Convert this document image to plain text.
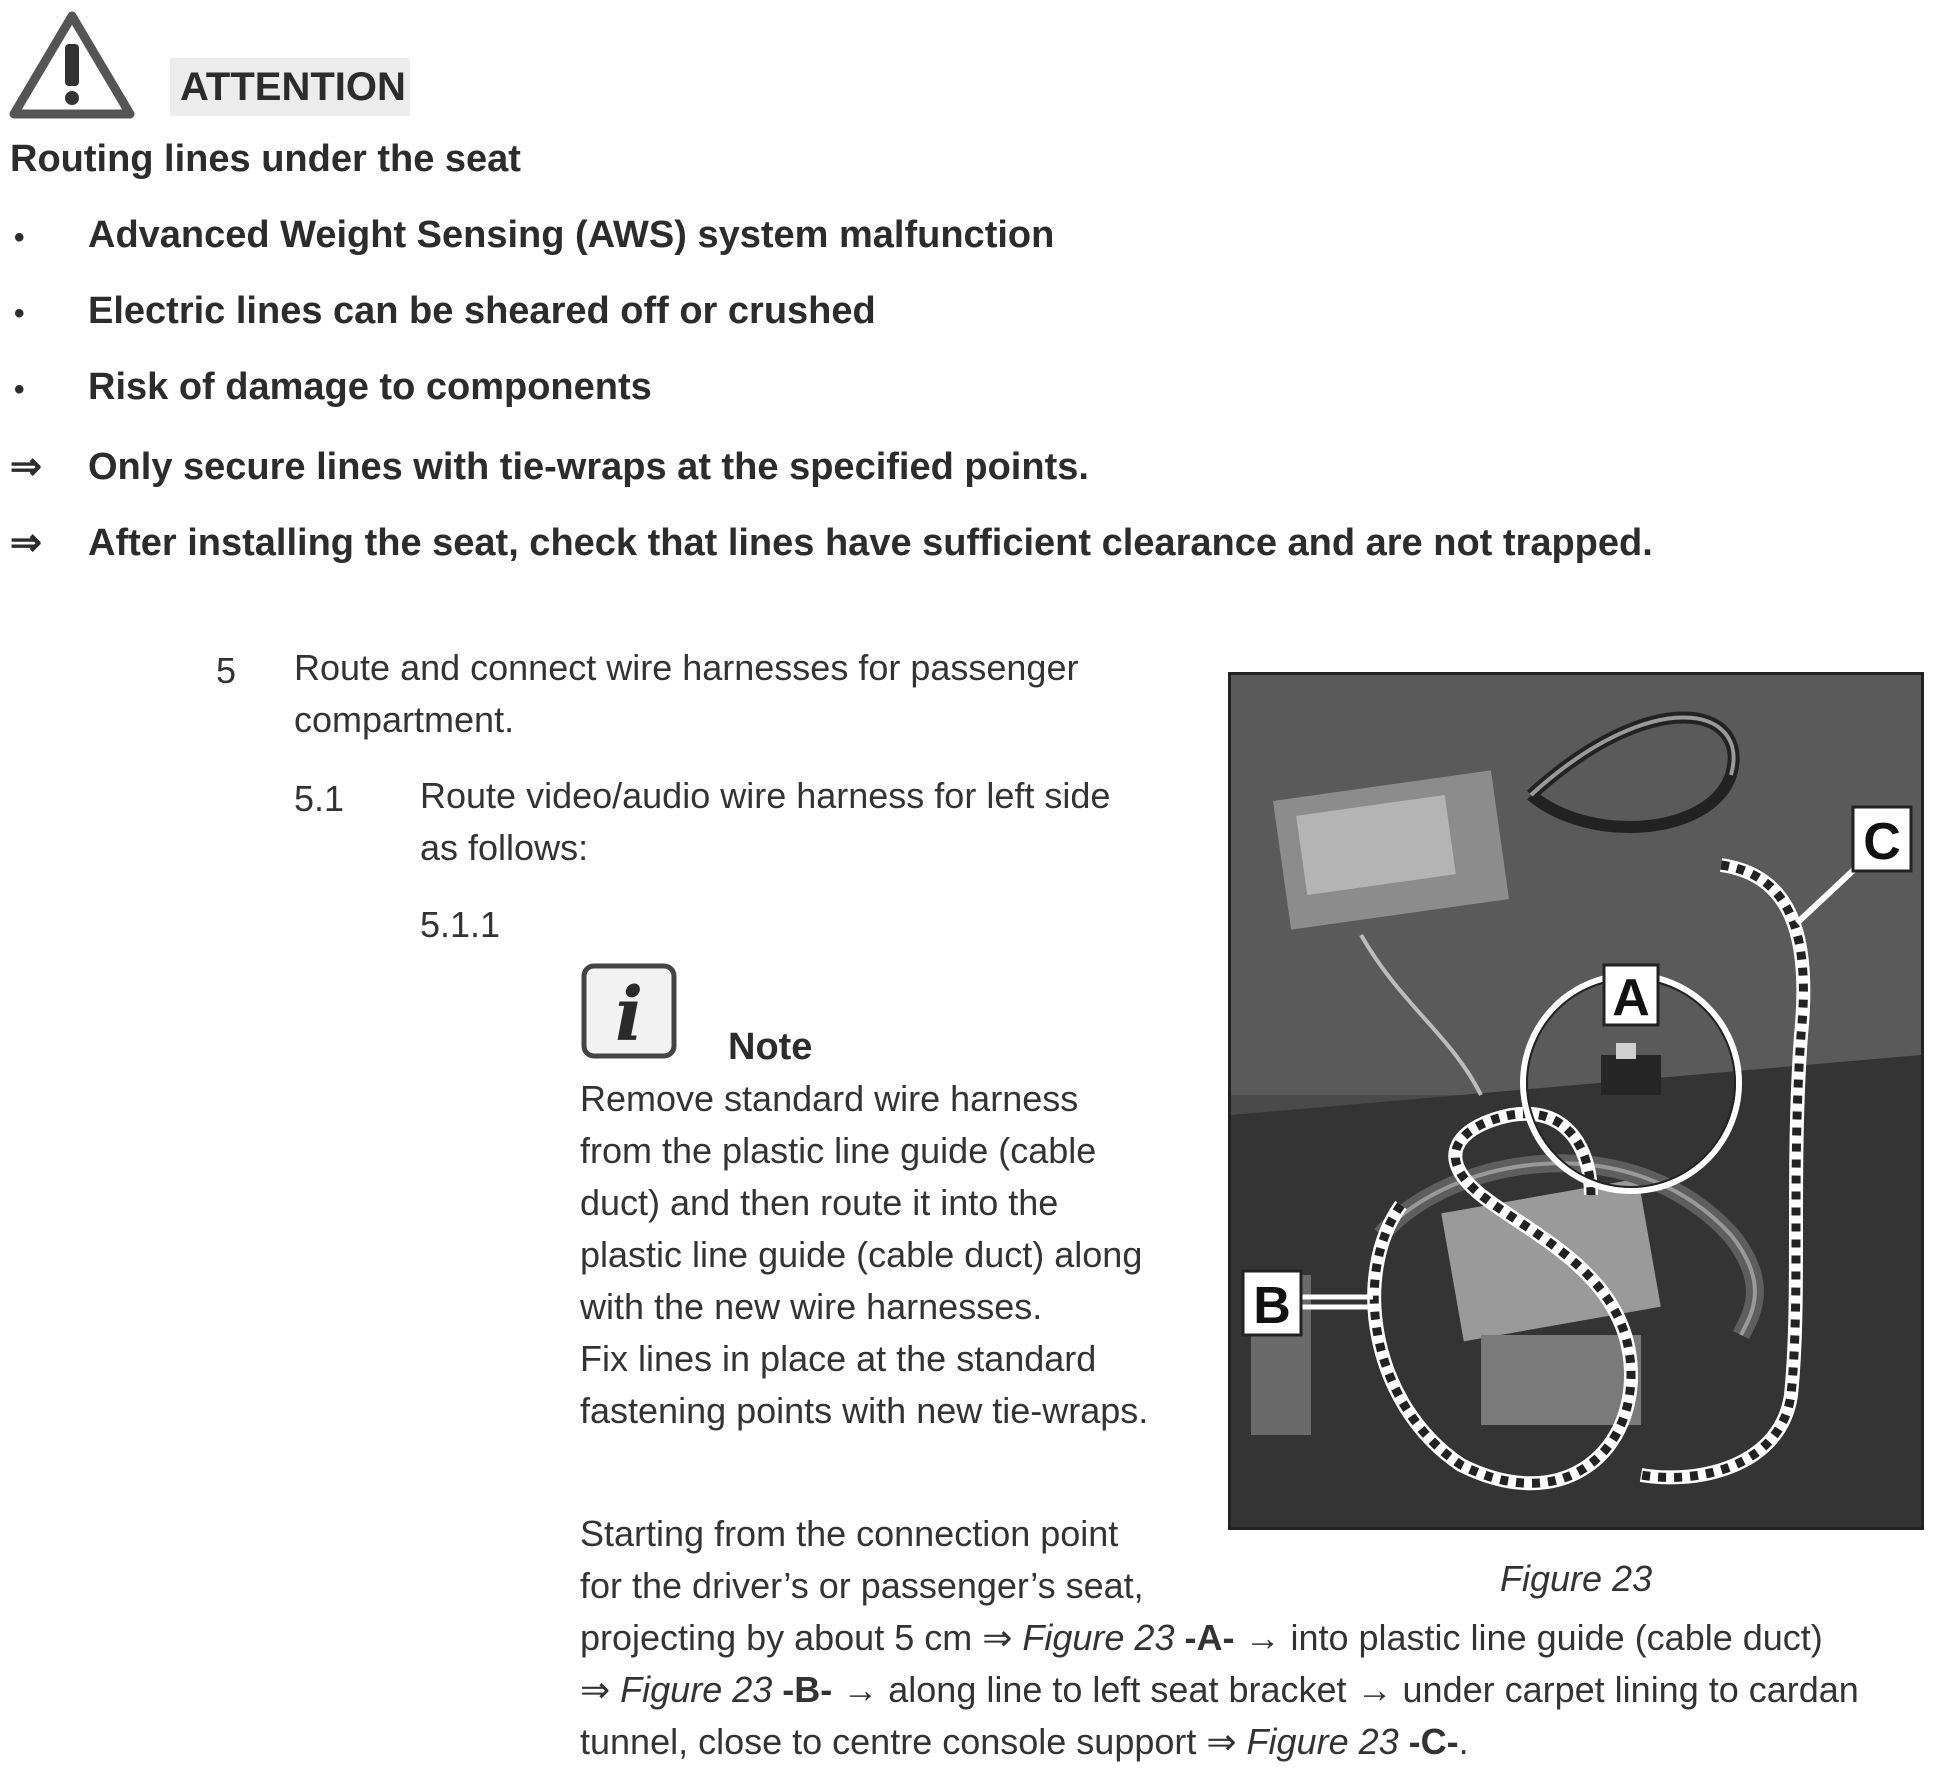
ATTENTION
Routing lines under the seat
• Advanced Weight Sensing (AWS) system malfunction
• Electric lines can be sheared off or crushed
• Risk of damage to components
⇒ Only secure lines with tie-wraps at the specified points.
⇒ After installing the seat, check that lines have sufficient clearance and are not trapped.
5 Route and connect wire harnesses for passenger
compartment.
5.1 Route video/audio wire harness for left side
as follows:
5.1.1
i Note
Remove standard wire harness
from the plastic line guide (cable
duct) and then route it into the
plastic line guide (cable duct) along
with the new wire harnesses.
Fix lines in place at the standard
fastening points with new tie-wraps.
Starting from the connection point
for the driver’s or passenger’s seat,
projecting by about 5 cm ⇒ Figure 23 -A- → into plastic line guide (cable duct)
⇒ Figure 23 -B- → along line to left seat bracket → under carpet lining to cardan
tunnel, close to centre console support ⇒ Figure 23 -C-.
A
B
C
Figure 23
